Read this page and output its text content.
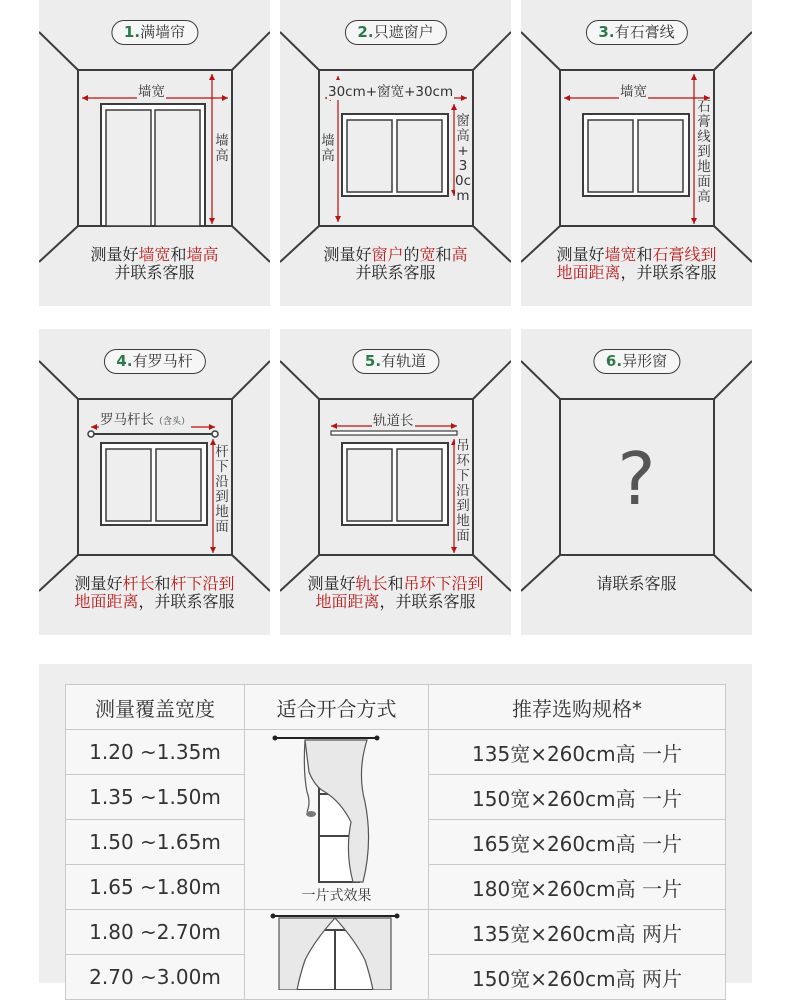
1 . 满墙帘
墙宽
墙高
测量好墙宽和墙高
并联系客服
2 . 只遮窗户
30cm+窗宽+30cm
墙高
窗高+30cm
测量好窗户的宽和高
并联系客服
3 . 有石膏线
墙宽
石膏线到地面高
测量好墙宽和石膏线到
地面距离，并联系客服
4 . 有罗马杆
罗马杆长（含头）
杆下沿到地面
测量好杆长和杆下沿到
地面距离，并联系客服
5 . 有轨道
轨道长
吊环下沿到地面
测量好轨长和吊环下沿到
地面距离，并联系客服
6 . 异形窗
?
请联系客服
测量覆盖宽度	适合开合方式	推荐选购规格*
1.20 ~1.35m	一片式效果	135宽×260cm高 一片
1.35 ~1.50m		150宽×260cm高 一片
1.50 ~1.65m		165宽×260cm高 一片
1.65 ~1.80m		180宽×260cm高 一片
1.80 ~2.70m		135宽×260cm高 两片
2.70 ~3.00m		150宽×260cm高 两片
